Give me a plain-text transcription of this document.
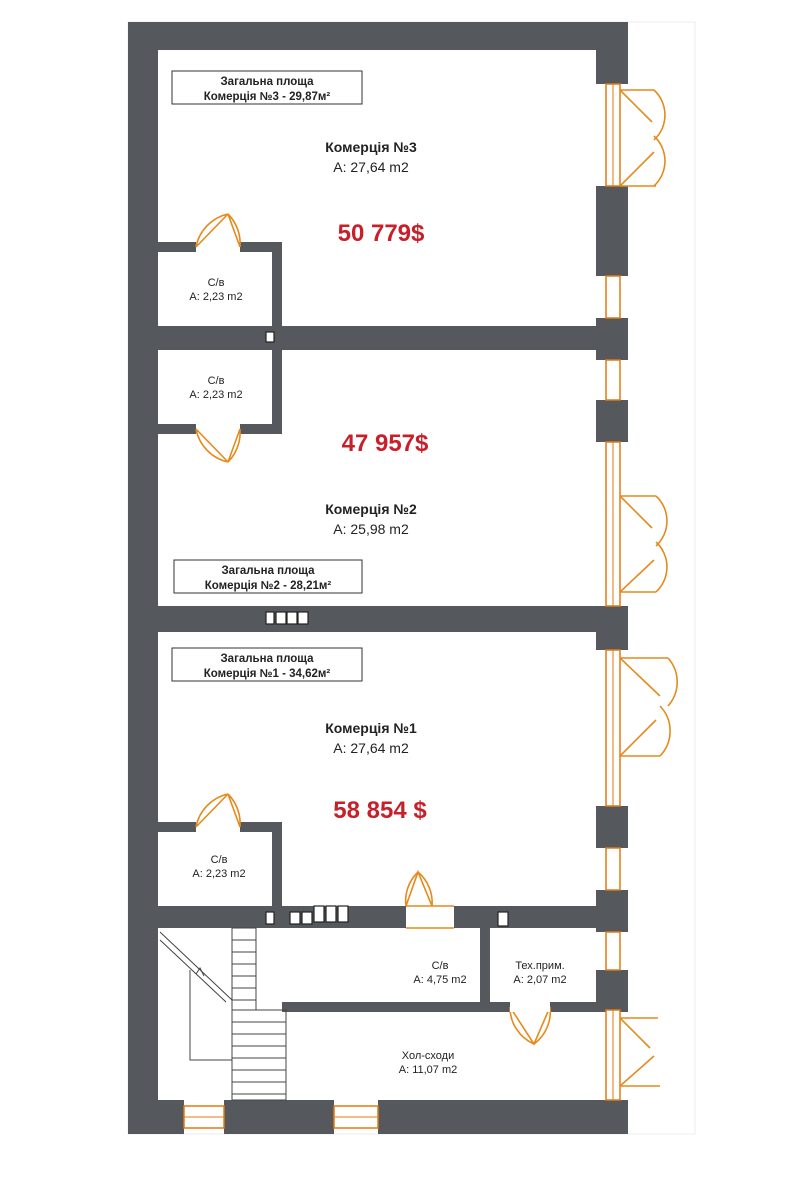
Загальна площа
Комерція №3 - 29,87м²
Комерція №3
A: 27,64 m2
50 779$
С/в
A: 2,23 m2
С/в
A: 2,23 m2
47 957$
Комерція №2
A: 25,98 m2
Загальна площа
Комерція №2 - 28,21м²
Загальна площа
Комерція №1 - 34,62м²
Комерція №1
A: 27,64 m2
58 854 $
С/в
A: 2,23 m2
С/в
A: 4,75 m2
Тех.прим.
A: 2,07 m2
Хол-сходи
A: 11,07 m2
